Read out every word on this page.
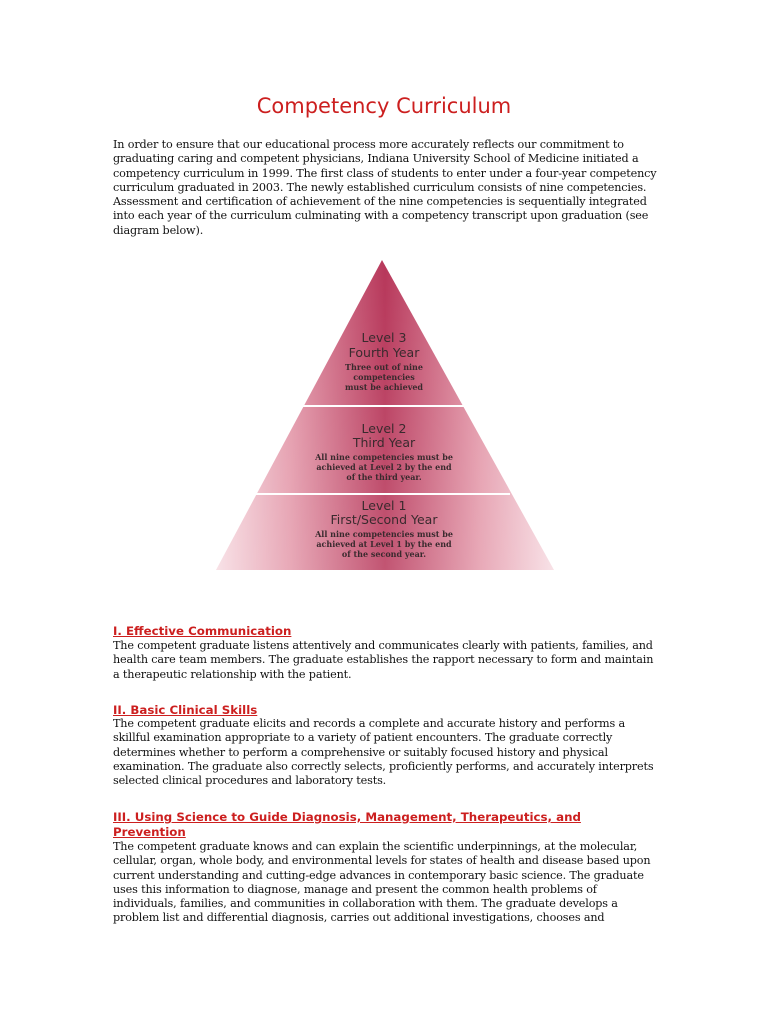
Competency Curriculum

In order to ensure that our educational process more accurately reflects our commitment to graduating caring and competent physicians, Indiana University School of Medicine initiated a competency curriculum in 1999. The first class of students to enter under a four-year competency curriculum graduated in 2003. The newly established curriculum consists of nine competencies. Assessment and certification of achievement of the nine competencies is sequentially integrated into each year of the curriculum culminating with a competency transcript upon graduation (see diagram below).

Level 3
Fourth Year
Three out of nine
competencies
must be achieved
Level 2
Third Year
All nine competencies must be
achieved at Level 2 by the end
of the third year.
Level 1
First/Second Year
All nine competencies must be
achieved at Level 1 by the end
of the second year.
I. Effective Communication

The competent graduate listens attentively and communicates clearly with patients, families, and health care team members. The graduate establishes the rapport necessary to form and maintain a therapeutic relationship with the patient.

II. Basic Clinical Skills

The competent graduate elicits and records a complete and accurate history and performs a skillful examination appropriate to a variety of patient encounters. The graduate correctly determines whether to perform a comprehensive or suitably focused history and physical examination. The graduate also correctly selects, proficiently performs, and accurately interprets selected clinical procedures and laboratory tests.

III. Using Science to Guide Diagnosis, Management, Therapeutics, and Prevention

The competent graduate knows and can explain the scientific underpinnings, at the molecular, cellular, organ, whole body, and environmental levels for states of health and disease based upon current understanding and cutting-edge advances in contemporary basic science. The graduate uses this information to diagnose, manage and present the common health problems of individuals, families, and communities in collaboration with them. The graduate develops a problem list and differential diagnosis, carries out additional investigations, chooses and
